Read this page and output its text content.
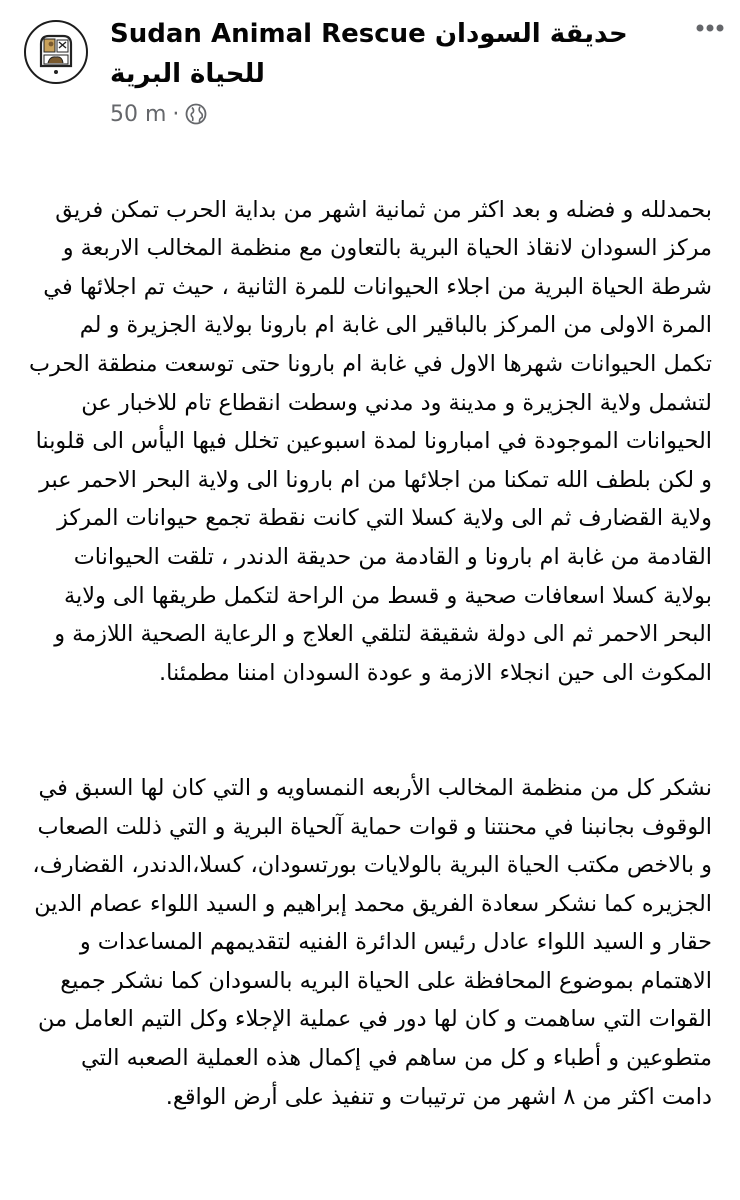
Sudan Animal Rescue حديقة السودان للحياة البرية
50 m ·

بحمدلله و فضله و بعد اكثر من ثمانية اشهر من بداية الحرب تمكن فريق مركز السودان لانقاذ الحياة البرية بالتعاون مع منظمة المخالب الاربعة و شرطة الحياة البرية من اجلاء الحيوانات للمرة الثانية ، حيث تم اجلائها في المرة الاولى من المركز بالباقير الى غابة ام بارونا بولاية الجزيرة و لم تكمل الحيوانات شهرها الاول في غابة ام بارونا حتى توسعت منطقة الحرب لتشمل ولاية الجزيرة و مدينة ود مدني وسطت انقطاع تام للاخبار عن الحيوانات الموجودة في امبارونا لمدة اسبوعين تخلل فيها اليأس الى قلوبنا و لكن بلطف الله تمكنا من اجلائها من ام بارونا الى ولاية البحر الاحمر عبر ولاية القضارف ثم الى ولاية كسلا التي كانت نقطة تجمع حيوانات المركز القادمة من غابة ام بارونا و القادمة من حديقة الدندر ، تلقت الحيوانات بولاية كسلا اسعافات صحية و قسط من الراحة لتكمل طريقها الى ولاية البحر الاحمر ثم الى دولة شقيقة لتلقي العلاج و الرعاية الصحية اللازمة و المكوث الى حين انجلاء الازمة و عودة السودان امننا مطمئنا.

نشكر كل من منظمة المخالب الأربعه النمساويه و التي كان لها السبق في الوقوف بجانبنا في محنتنا و قوات حماية آلحياة البرية و التي ذللت الصعاب و بالاخص مكتب الحياة البرية بالولايات بورتسودان، كسلا،الدندر، القضارف، الجزيره كما نشكر سعادة الفريق محمد إبراهيم و السيد اللواء عصام الدين حقار و السيد اللواء عادل رئيس الدائرة الفنيه لتقديمهم المساعدات و الاهتمام بموضوع المحافظة على الحياة البريه بالسودان كما نشكر جميع القوات التي ساهمت و كان لها دور في عملية الإجلاء وكل التيم العامل من متطوعين و أطباء و كل من ساهم في إكمال هذه العملية الصعبه التي دامت اكثر من ٨ اشهر من ترتيبات و تنفيذ على أرض الواقع.
